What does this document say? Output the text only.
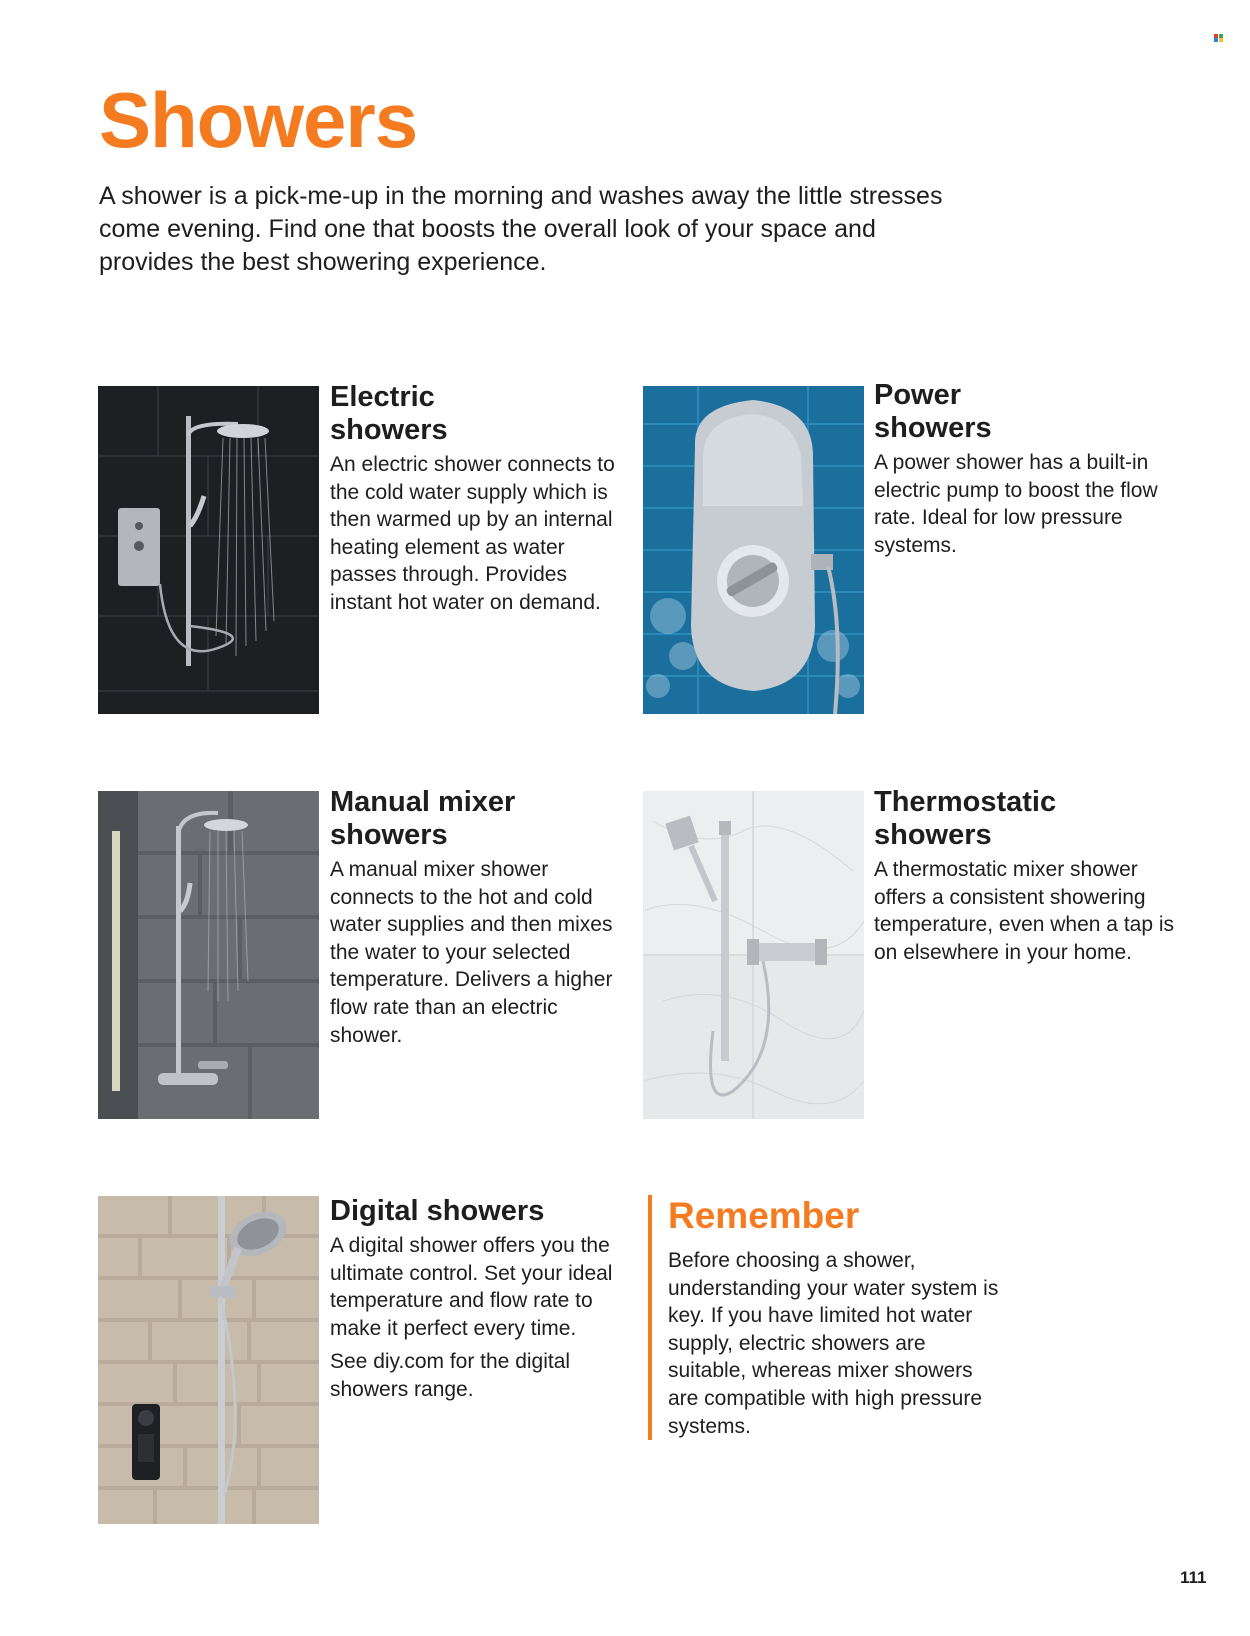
Showers

A shower is a pick-me-up in the morning and washes away the little stresses come evening. Find one that boosts the overall look of your space and provides the best showering experience.

Electric
showers

An electric shower connects to the cold water supply which is then warmed up by an internal heating element as water passes through. Provides instant hot water on demand.

Power
showers

A power shower has a built-in electric pump to boost the flow rate. Ideal for low pressure systems.

Manual mixer
showers

A manual mixer shower connects to the hot and cold water supplies and then mixes the water to your selected temperature. Delivers a higher flow rate than an electric shower.

Thermostatic
showers

A thermostatic mixer shower offers a consistent showering temperature, even when a tap is on elsewhere in your home.

Digital showers

A digital shower offers you the ultimate control. Set your ideal temperature and flow rate to make it perfect every time.

See diy.com for the digital showers range.

Remember

Before choosing a shower, understanding your water system is key. If you have limited hot water supply, electric showers are suitable, whereas mixer showers are compatible with high pressure systems.

111
